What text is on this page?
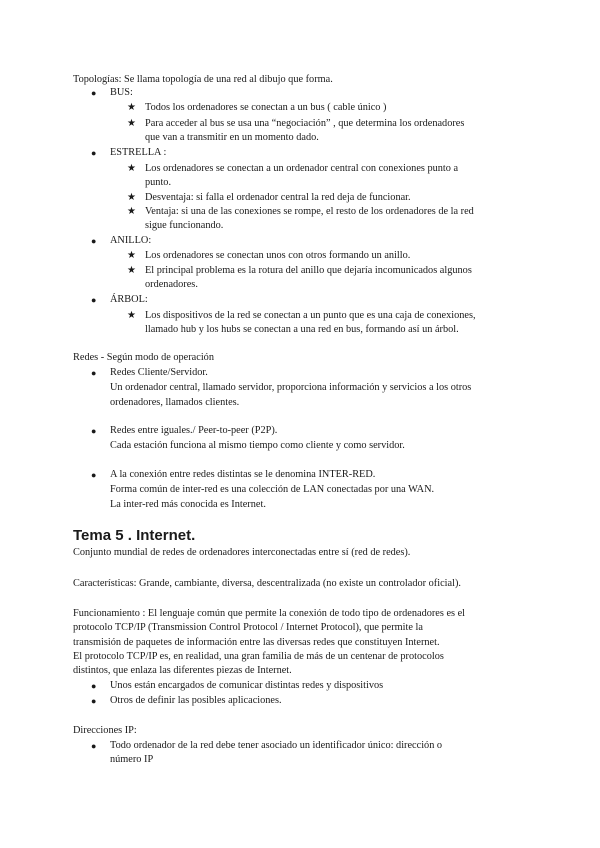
Topologías: Se llama topología de una red al dibujo que forma.
● BUS:
★ Todos los ordenadores se conectan a un bus ( cable único )
★ Para acceder al bus se usa una “negociación” , que determina los ordenadores
que van a transmitir en un momento dado.
● ESTRELLA :
★ Los ordenadores se conectan a un ordenador central con conexiones punto a
punto.
★ Desventaja: si falla el ordenador central la red deja de funcionar.
★ Ventaja: si una de las conexiones se rompe, el resto de los ordenadores de la red
sigue funcionando.
● ANILLO:
★ Los ordenadores se conectan unos con otros formando un anillo.
★ El principal problema es la rotura del anillo que dejaría incomunicados algunos
ordenadores.
● ÁRBOL:
★ Los dispositivos de la red se conectan a un punto que es una caja de conexiones,
llamado hub y los hubs se conectan a una red en bus, formando así un árbol.
Redes - Según modo de operación
● Redes Cliente/Servidor.
Un ordenador central, llamado servidor, proporciona información y servicios a los otros
ordenadores, llamados clientes.
● Redes entre iguales./ Peer-to-peer (P2P).
Cada estación funciona al mismo tiempo como cliente y como servidor.
● A la conexión entre redes distintas se le denomina INTER-RED.
Forma común de inter-red es una colección de LAN conectadas por una WAN.
La inter-red más conocida es Internet.
Tema 5 . Internet.
Conjunto mundial de redes de ordenadores interconectadas entre sí (red de redes).
Características: Grande, cambiante, diversa, descentralizada (no existe un controlador oficial).
Funcionamiento : El lenguaje común que permite la conexión de todo tipo de ordenadores es el
protocolo TCP/IP (Transmission Control Protocol / Internet Protocol), que permite la
transmisión de paquetes de información entre las diversas redes que constituyen Internet.
El protocolo TCP/IP es, en realidad, una gran familia de más de un centenar de protocolos
distintos, que enlaza las diferentes piezas de Internet.
● Unos están encargados de comunicar distintas redes y dispositivos
● Otros de definir las posibles aplicaciones.
Direcciones IP:
● Todo ordenador de la red debe tener asociado un identificador único: dirección o
número IP
